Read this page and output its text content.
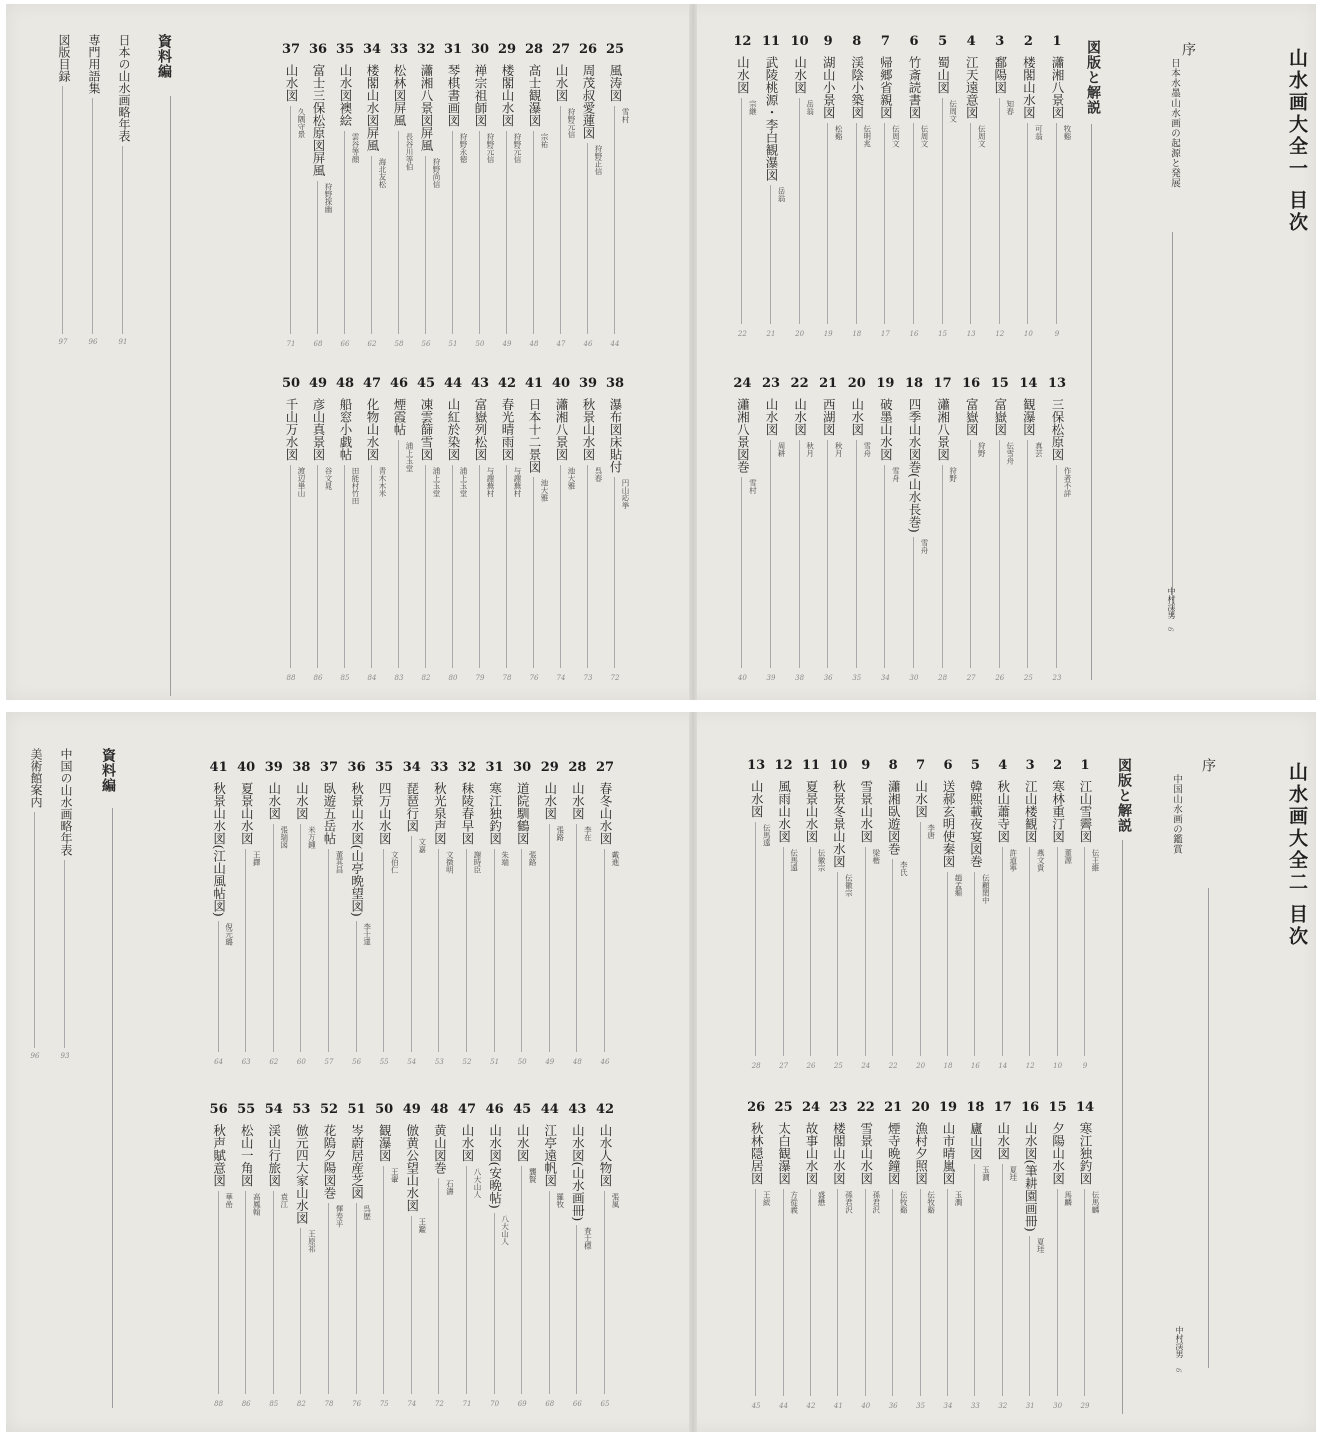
山水画大全一 目次
序
日本水墨山水画の起源と発展
中村渓男
6
図版と解説
1
瀟湘八景図
9
牧谿
2
楼閣山水図
10
可翁
3
鄱陽図
12
知春
4
江天遠意図
13
伝周文
5
蜀山図
15
伝周文
6
竹斎読書図
16
伝周文
7
帰郷省親図
17
伝周文
8
渓陰小築図
18
伝明兆
9
湖山小景図
19
松谿
10
山水図
20
岳翁
11
武陵桃源・李白観瀑図
21
岳翁
12
山水図
22
宗継
13
三保松原図
23
作者不詳
14
観瀑図
25
真芸
15
富嶽図
26
伝雪舟
16
富嶽図
27
狩野
17
瀟湘八景図
28
狩野
18
四季山水図巻(山水長巻)
30
雪舟
19
破墨山水図
34
雪舟
20
山水図
35
雪舟
21
西湖図
36
秋月
22
山水図
38
秋月
23
山水図
39
周耕
24
瀟湘八景図巻
40
雪村
25
風涛図
44
雪村
26
周茂叔愛蓮図
46
狩野正信
27
山水図
47
狩野元信
28
高士観瀑図
48
宗祐
29
楼閣山水図
49
狩野元信
30
禅宗祖師図
50
狩野元信
31
琴棋書画図
51
狩野永徳
32
瀟湘八景図屏風
56
狩野尚信
33
松林図屏風
58
長谷川等伯
34
楼閣山水図屏風
62
海北友松
35
山水図襖絵
66
雲谷等顔
36
富士三保松原図屏風
68
狩野探幽
37
山水図
71
久隅守景
38
瀑布図床貼付
72
円山応挙
39
秋景山水図
73
呉春
40
瀟湘八景図
74
池大雅
41
日本十二景図
76
池大雅
42
春光晴雨図
78
与謝蕪村
43
富嶽列松図
79
与謝蕪村
44
山紅於染図
80
浦上玉堂
45
凍雲篩雪図
82
浦上玉堂
46
煙霞帖
83
浦上玉堂
47
化物山水図
84
青木木米
48
船窓小戯帖
85
田能村竹田
49
彦山真景図
86
谷文晁
50
千山万水図
88
渡辺崋山
資料編
日本の山水画略年表
91
専門用語集
96
図版目録
97
山水画大全二 目次
序
中国山水画の鑑賞
中村渓男
6
図版と解説
1
江山雪霽図
9
伝王維
2
寒林重汀図
10
董源
3
江山楼観図
12
燕文貴
4
秋山蕭寺図
14
許道寧
5
韓熙載夜宴図巻
16
伝顧閎中
6
送郝玄明使秦図
18
趙孟頫
7
山水図
20
李唐
8
瀟湘臥遊図巻
22
李氏
9
雪景山水図
24
梁楷
10
秋景冬景山水図
25
伝徽宗
11
夏景山水図
26
伝徽宗
12
風雨山水図
27
伝馬遠
13
山水図
28
伝馬遠
14
寒江独釣図
29
伝馬麟
15
夕陽山水図
30
馬麟
16
山水図(筆耕園画冊)
31
夏珪
17
山水図
32
夏珪
18
廬山図
33
玉澗
19
山市晴嵐図
34
玉澗
20
漁村夕照図
35
伝牧谿
21
煙寺晩鐘図
36
伝牧谿
22
雪景山水図
40
孫君沢
23
楼閣山水図
41
孫君沢
24
故事山水図
42
盛懋
25
太白観瀑図
44
方從義
26
秋林隠居図
45
王紱
27
春冬山水図
46
戴進
28
山水図
48
李在
29
山水図
49
張路
30
道院馴鶴図
50
張路
31
寒江独釣図
51
朱端
32
秣陵春早図
52
謝時臣
33
秋光泉声図
53
文徴明
34
琵琶行図
54
文嘉
35
四万山水図
55
文伯仁
36
秋景山水図(山亭晩望図)
56
李士達
37
臥遊五岳帖
57
董其昌
38
山水図
60
米万鍾
39
山水図
62
張瑞図
40
夏景山水図
63
王鐸
41
秋景山水図(江山風帖図)
64
倪元璐
42
山水人物図
65
張風
43
山水図(山水画冊)
66
査士標
44
江亭遠帆図
68
羅牧
45
山水図
69
龔賢
46
山水図(安晩帖)
70
八大山人
47
山水図
71
八大山人
48
黄山図巻
72
石濤
49
倣黄公望山水図
74
王鑑
50
観瀑図
75
王翬
51
岑蔚居産芝図
76
呉歴
52
花隖夕陽図巻
78
惲寿平
53
倣元四大家山水図
82
王原祁
54
渓山行旅図
85
袁江
55
松山一角図
86
高鳳翰
56
秋声賦意図
88
華嵒
資料編
中国の山水画略年表
93
美術館案内
96
